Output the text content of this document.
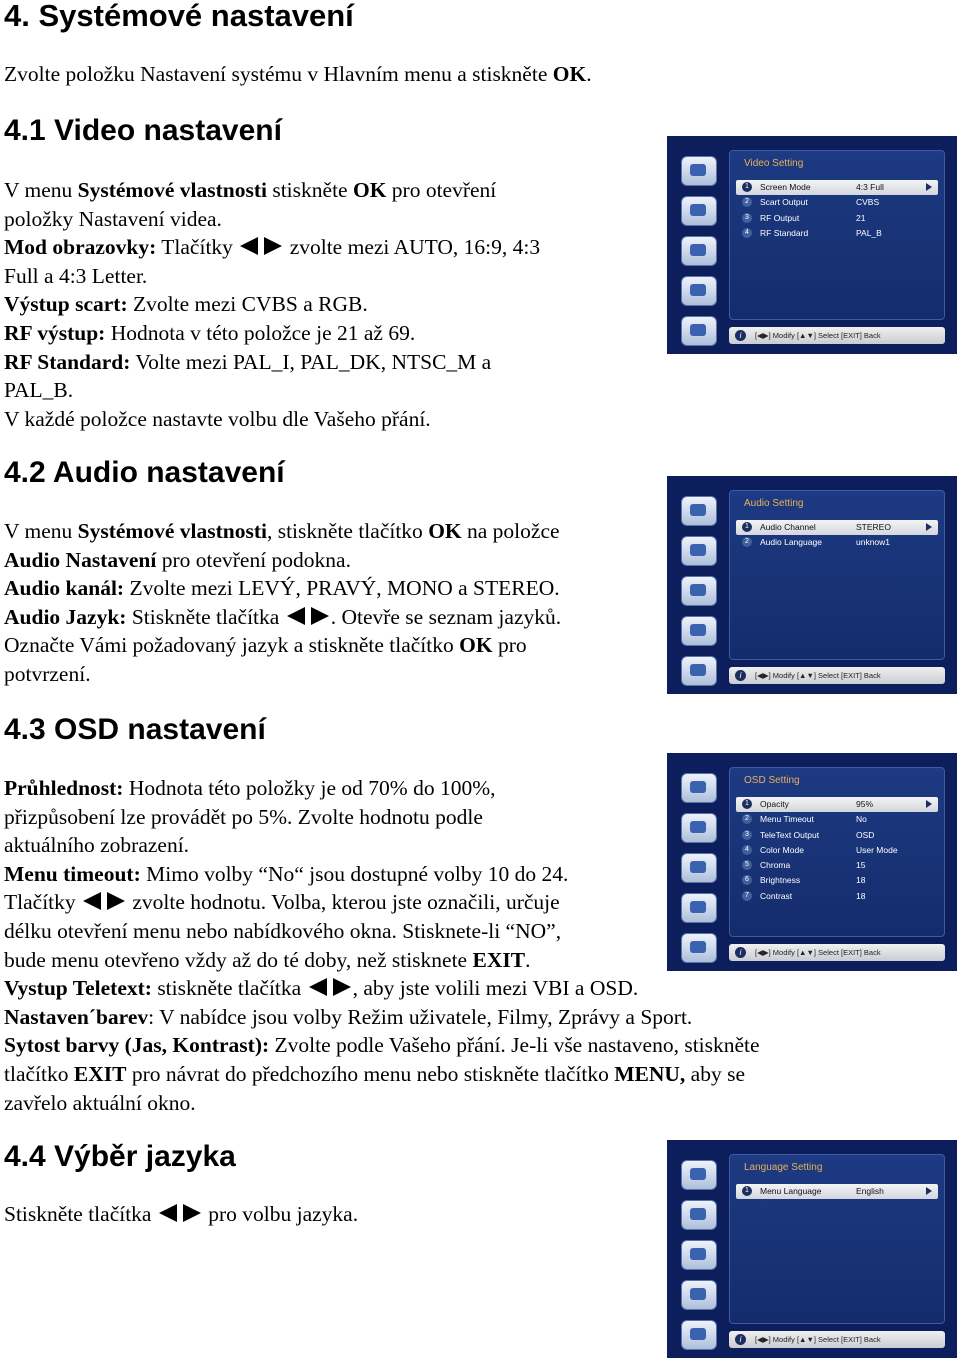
4. Systémové nastavení
Zvolte položku Nastavení systému v Hlavním menu a stiskněte OK.
4.1 Video nastavení
V menu Systémové vlastnosti stiskněte OK pro otevření
položky Nastavení videa.
Mod obrazovky: Tlačítky
zvolte mezi AUTO, 16:9, 4:3
Full a 4:3 Letter.
Výstup scart: Zvolte mezi CVBS a RGB.
RF výstup: Hodnota v této položce je 21 až 69.
RF Standard: Volte mezi PAL_I, PAL_DK, NTSC_M a
PAL_B.
V každé položce nastavte volbu dle Vašeho přání.
4.2 Audio nastavení
V menu Systémové vlastnosti, stiskněte tlačítko OK na položce
Audio Nastavení pro otevření podokna.
Audio kanál: Zvolte mezi LEVÝ, PRAVÝ, MONO a STEREO.
Audio Jazyk: Stiskněte tlačítka
. Otevře se seznam jazyků.
Označte Vámi požadovaný jazyk a stiskněte tlačítko OK pro
potvrzení.
4.3 OSD nastavení
Průhlednost: Hodnota této položky je od 70% do 100%,
přizpůsobení lze provádět po 5%. Zvolte hodnotu podle
aktuálního zobrazení.
Menu timeout: Mimo volby “No“ jsou dostupné volby 10 do 24.
Tlačítky
zvolte hodnotu. Volba, kterou jste označili, určuje
délku otevření menu nebo nabídkového okna. Stisknete-li “NO”,
bude menu otevřeno vždy až do té doby, než stisknete EXIT.
Vystup Teletext: stiskněte tlačítka
, aby jste volili mezi VBI a OSD.
Nastaven´barev: V nabídce jsou volby Režim uživatele, Filmy, Zprávy a Sport.
Sytost barvy (Jas, Kontrast): Zvolte podle Vašeho přání. Je-li vše nastaveno, stiskněte
tlačítko EXIT pro návrat do předchozího menu nebo stiskněte tlačítko MENU, aby se
zavřelo aktuální okno.
4.4 Výběr jazyka
Stiskněte tlačítka
pro volbu jazyka.
Video Setting
1	Screen Mode	4:3 Full
2	Scart Output	CVBS
3	RF Output	21
4	RF Standard	PAL_B
i	[◀▶] Modify [▲▼] Select [EXIT] Back
Audio Setting
1	Audio Channel	STEREO
2	Audio Language	unknow1
i	[◀▶] Modify [▲▼] Select [EXIT] Back
OSD Setting
1	Opacity	95%
2	Menu Timeout	No
3	TeleText Output	OSD
4	Color Mode	User Mode
5	Chroma	15
6	Brightness	18
7	Contrast	18
i	[◀▶] Modify [▲▼] Select [EXIT] Back
Language Setting
1	Menu Language	English
i	[◀▶] Modify [▲▼] Select [EXIT] Back
